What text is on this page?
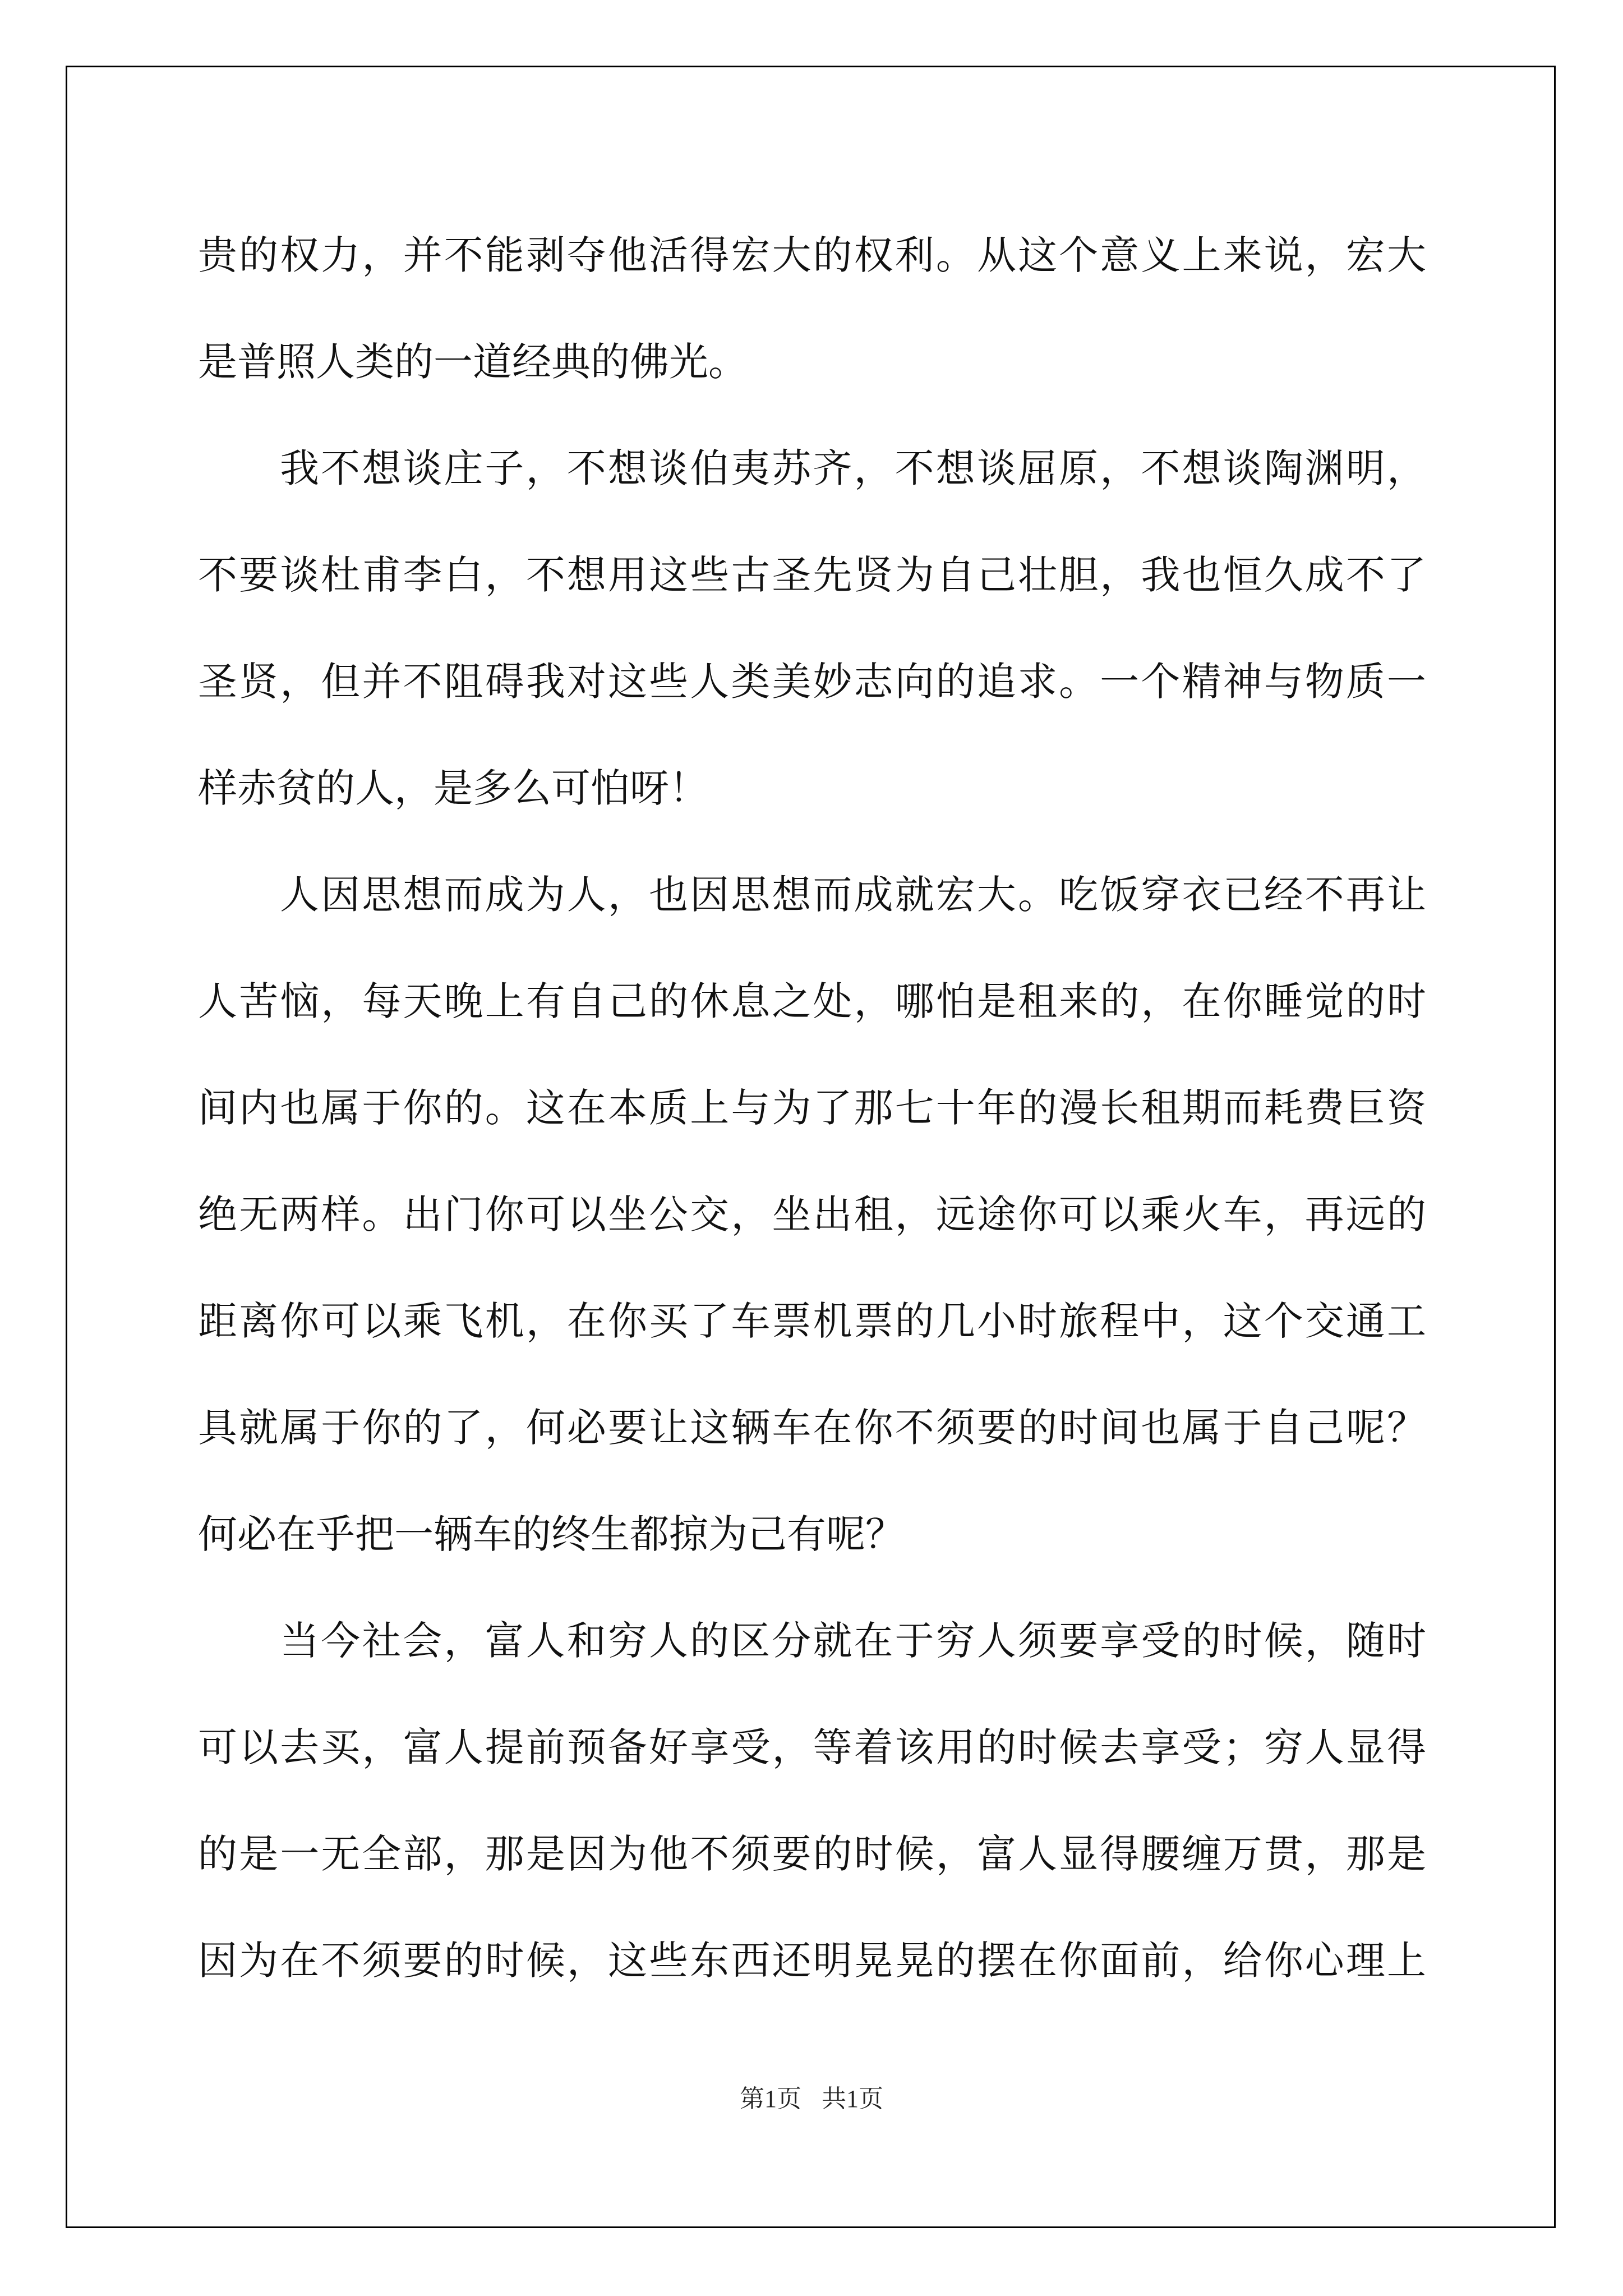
贵的权力，并不能剥夺他活得宏大的权利。从这个意义上来说，宏大
是普照人类的一道经典的佛光。
我不想谈庄子，不想谈伯夷苏齐，不想谈屈原，不想谈陶渊明，
不要谈杜甫李白，不想用这些古圣先贤为自己壮胆，我也恒久成不了
圣贤，但并不阻碍我对这些人类美妙志向的追求。一个精神与物质一
样赤贫的人，是多么可怕呀！
人因思想而成为人，也因思想而成就宏大。吃饭穿衣已经不再让
人苦恼，每天晚上有自己的休息之处，哪怕是租来的，在你睡觉的时
间内也属于你的。这在本质上与为了那七十年的漫长租期而耗费巨资
绝无两样。出门你可以坐公交，坐出租，远途你可以乘火车，再远的
距离你可以乘飞机，在你买了车票机票的几小时旅程中，这个交通工
具就属于你的了，何必要让这辆车在你不须要的时间也属于自己呢？
何必在乎把一辆车的终生都掠为己有呢？
当今社会，富人和穷人的区分就在于穷人须要享受的时候，随时
可以去买，富人提前预备好享受，等着该用的时候去享受；穷人显得
的是一无全部，那是因为他不须要的时候，富人显得腰缠万贯，那是
因为在不须要的时候，这些东西还明晃晃的摆在你面前，给你心理上
第1页 共1页
